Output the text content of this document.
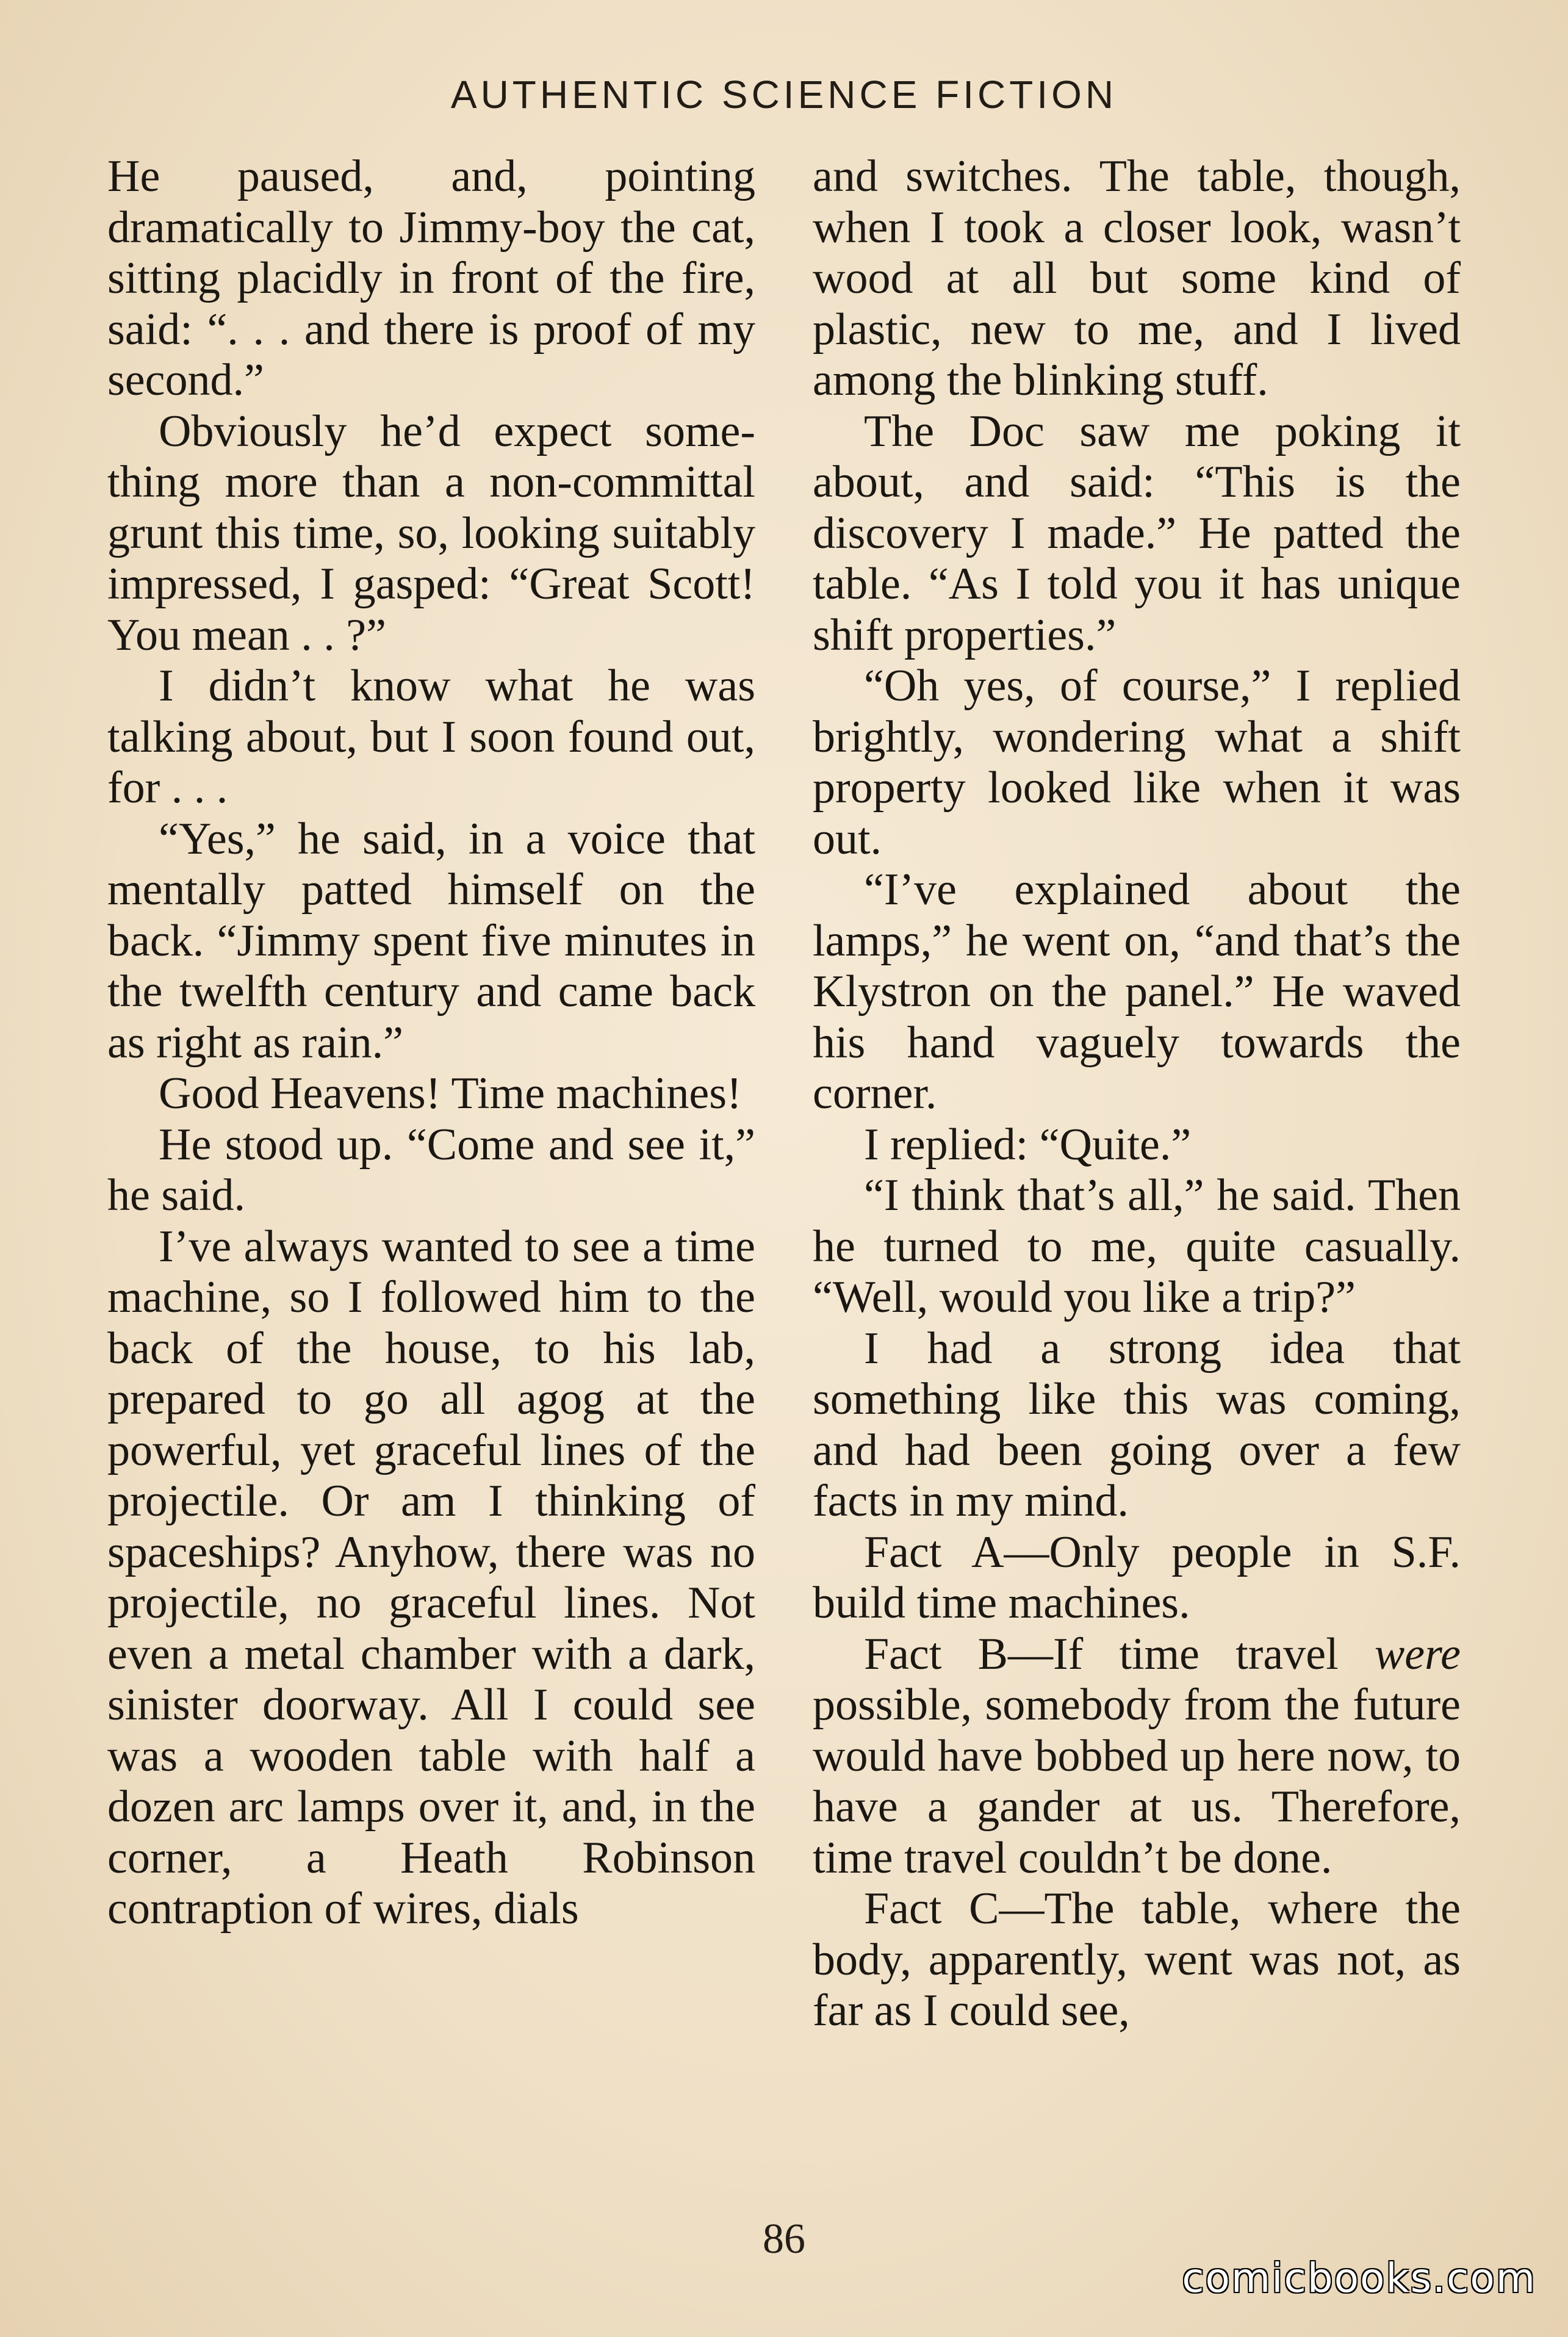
AUTHENTIC SCIENCE FICTION

He paused, and, pointing dramatically to Jimmy-boy the cat, sitting placidly in front of the fire, said: “. . . and there is proof of my second.”

Obviously he’d expect something more than a non-committal grunt this time, so, looking suitably impressed, I gasped: “Great Scott! You mean . . ?”

I didn’t know what he was talking about, but I soon found out, for . . .

“Yes,” he said, in a voice that mentally patted himself on the back. “Jimmy spent five minutes in the twelfth century and came back as right as rain.”

Good Heavens! Time machines!

He stood up. “Come and see it,” he said.

I’ve always wanted to see a time machine, so I followed him to the back of the house, to his lab, prepared to go all agog at the powerful, yet graceful lines of the projectile. Or am I thinking of spaceships? Anyhow, there was no projectile, no graceful lines. Not even a metal chamber with a dark, sinister doorway. All I could see was a wooden table with half a dozen arc lamps over it, and, in the corner, a Heath Robinson contraption of wires, dials

and switches. The table, though, when I took a closer look, wasn’t wood at all but some kind of plastic, new to me, and I lived among the blinking stuff.

The Doc saw me poking it about, and said: “This is the discovery I made.” He patted the table. “As I told you it has unique shift properties.”

“Oh yes, of course,” I replied brightly, wondering what a shift property looked like when it was out.

“I’ve explained about the lamps,” he went on, “and that’s the Klystron on the panel.” He waved his hand vaguely towards the corner.

I replied: “Quite.”

“I think that’s all,” he said. Then he turned to me, quite casually. “Well, would you like a trip?”

I had a strong idea that something like this was coming, and had been going over a few facts in my mind.

Fact A—Only people in S.F. build time machines.

Fact B—If time travel were possible, somebody from the future would have bobbed up here now, to have a gander at us. Therefore, time travel couldn’t be done.

Fact C—The table, where the body, apparently, went was not, as far as I could see,

86
comicbooks.com
